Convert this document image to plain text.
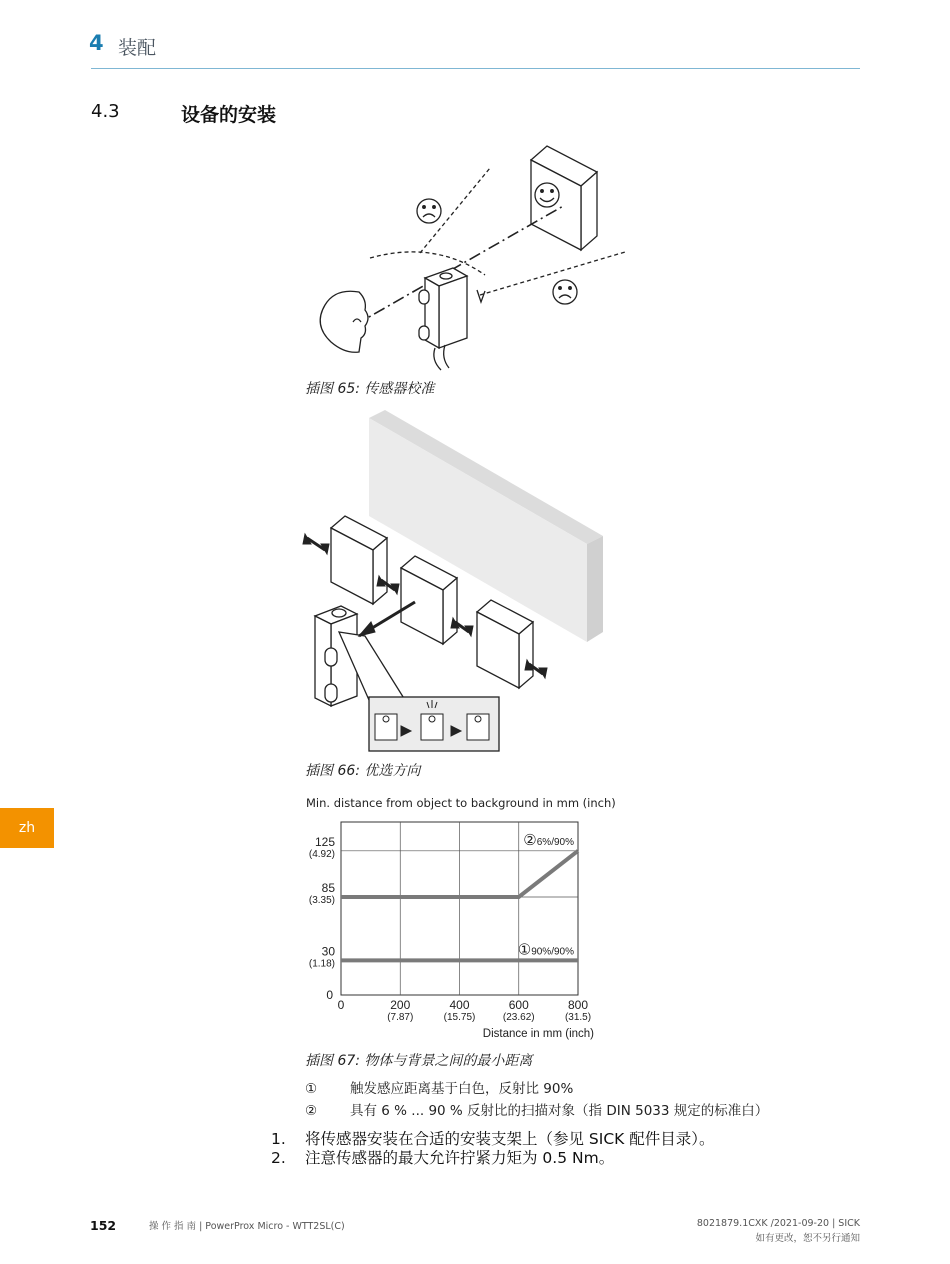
4 装配
4.3	设备的安装
插图 65: 传感器校准
插图 66: 优选方向
zh
Min. distance from object to background in mm (inch)
0	200
(7.87)
400
(15.75)
600
(23.62)
800
(31.5)
0
30
(1.18)
85
(3.35)
125
(4.92)
②6%/90%
①90%/90%
Distance in mm (inch)
插图 67: 物体与背景之间的最小距离
① 触发感应距离基于白色，反射比 90%
② 具有 6 % ... 90 % 反射比的扫描对象（指 DIN 5033 规定的标准白）
1. 将传感器安装在合适的安装支架上（参见 SICK 配件目录）。
2. 注意传感器的最大允许拧紧力矩为 0.5 Nm。
152	操 作 指 南 | PowerProx Micro - WTT2SL(C)	8021879.1CXK /2021-09-20 | SICK
如有更改，恕不另行通知
